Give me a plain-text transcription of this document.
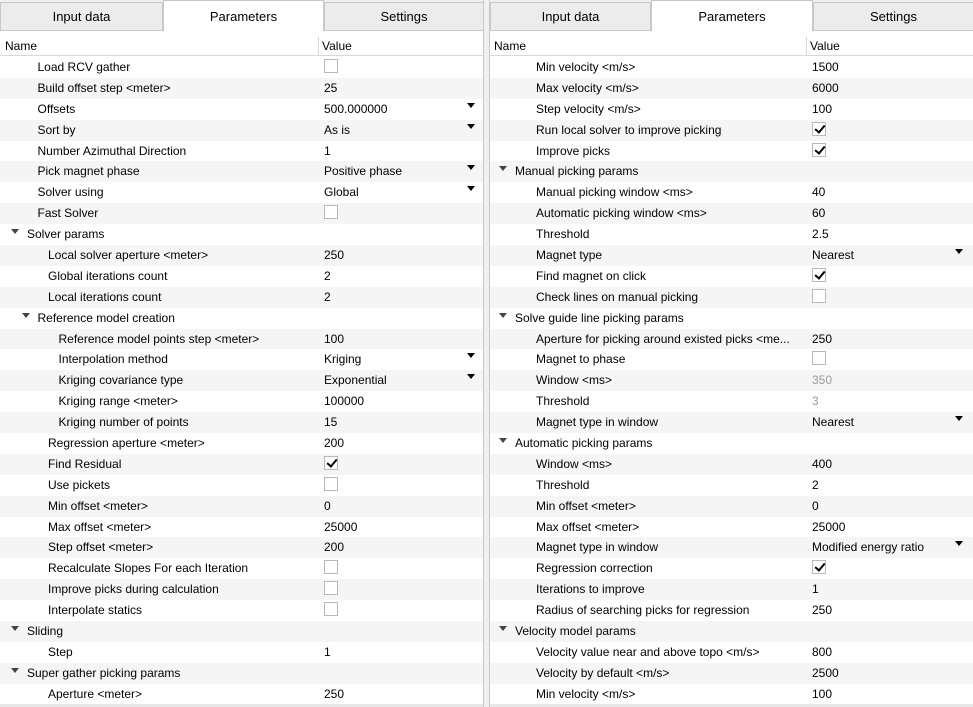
Input data	Parameters	Settings
Name	Value
Load RCV gather
Build offset step <meter>	25
Offsets	500.000000
Sort by	As is
Number Azimuthal Direction	1
Pick magnet phase	Positive phase
Solver using	Global
Fast Solver
Solver params
Local solver aperture <meter>	250
Global iterations count	2
Local iterations count	2
Reference model creation
Reference model points step <meter>	100
Interpolation method	Kriging
Kriging covariance type	Exponential
Kriging range <meter>	100000
Kriging number of points	15
Regression aperture <meter>	200
Find Residual
Use pickets
Min offset <meter>	0
Max offset <meter>	25000
Step offset <meter>	200
Recalculate Slopes For each Iteration
Improve picks during calculation
Interpolate statics
Sliding
Step	1
Super gather picking params
Aperture <meter>	250
Input data	Parameters	Settings
Name	Value
Min velocity <m/s>	1500
Max velocity <m/s>	6000
Step velocity <m/s>	100
Run local solver to improve picking
Improve picks
Manual picking params
Manual picking window <ms>	40
Automatic picking window <ms>	60
Threshold	2.5
Magnet type	Nearest
Find magnet on click
Check lines on manual picking
Solve guide line picking params
Aperture for picking around existed picks <me... 250
Magnet to phase
Window <ms>	350
Threshold	3
Magnet type in window	Nearest
Automatic picking params
Window <ms>	400
Threshold	2
Min offset <meter>	0
Max offset <meter>	25000
Magnet type in window	Modified energy ratio
Regression correction
Iterations to improve	1
Radius of searching picks for regression	250
Velocity model params
Velocity value near and above topo <m/s>	800
Velocity by default <m/s>	2500
Min velocity <m/s>	100
